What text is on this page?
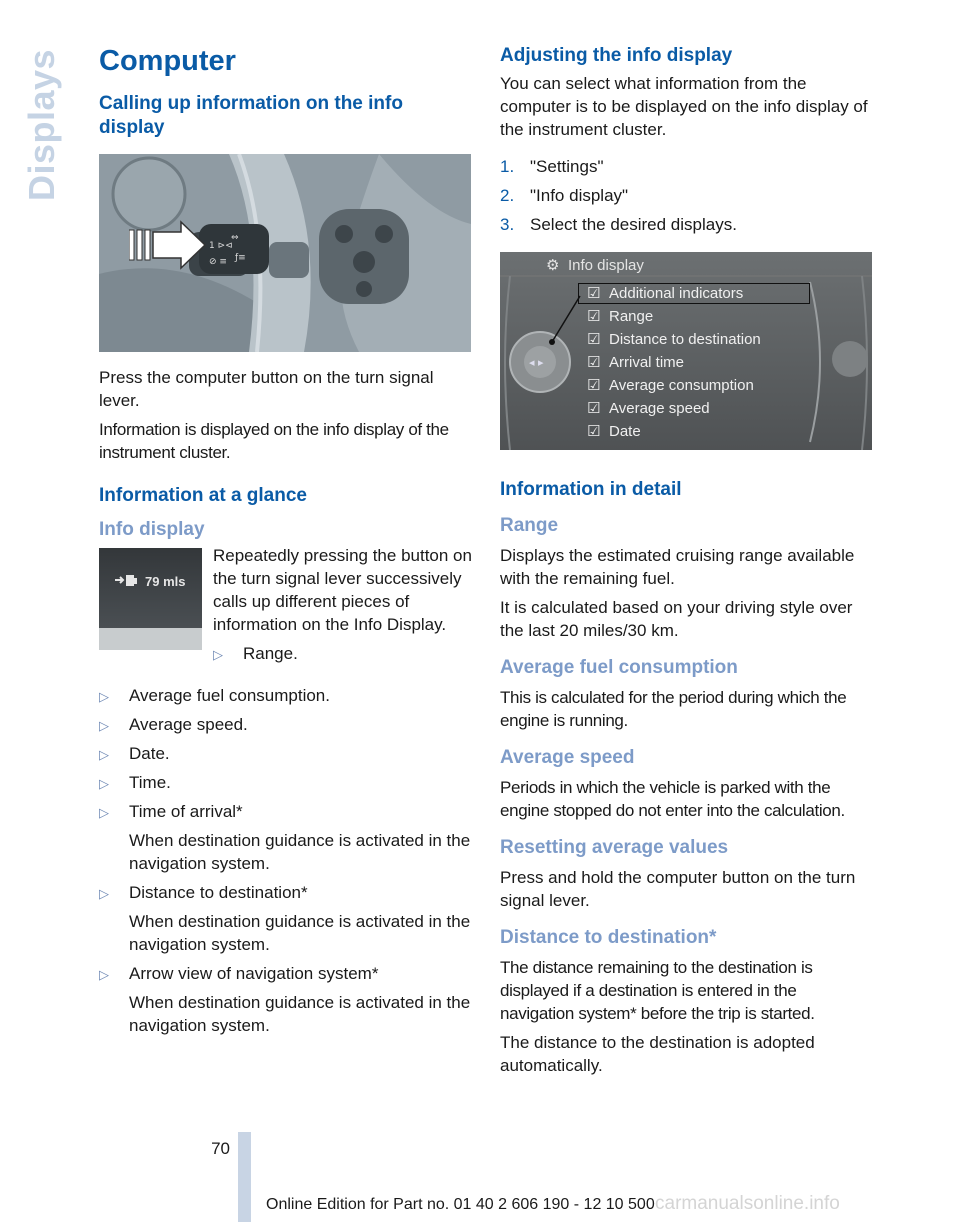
Displays Computer
Calling up information on the info display
1 ⊳⊲
⊘ ≡
⇔
ƒ≡

Press the computer button on the turn signal lever.

Information is displayed on the info display of the instrument cluster.

Information at a glance
Info display
79 mls

Repeatedly pressing the button on the turn signal lever successively calls up different pieces of information on the Info Display.

▷ Range.
▷ Average fuel consumption.
▷ Average speed.
▷ Date.
▷ Time.
▷ Time of arrival*
When destination guidance is activated in the navigation system.
▷ Distance to destination*
When destination guidance is activated in the navigation system.
▷ Arrow view of navigation system*
When destination guidance is activated in the navigation system.
Adjusting the info display

You can select what information from the computer is to be displayed on the info display of the instrument cluster.

1. "Settings"
2. "Info display"
3. Select the desired displays.
◂ ▸
⚙ Info display
☑ Additional indicators
☑ Range
☑ Distance to destination
☑ Arrival time
☑ Average consumption
☑ Average speed
☑ Date
Information in detail
Range

Displays the estimated cruising range available with the remaining fuel.

It is calculated based on your driving style over the last 20 miles/30 km.

Average fuel consumption

This is calculated for the period during which the engine is running.

Average speed

Periods in which the vehicle is parked with the engine stopped do not enter into the calculation.

Resetting average values

Press and hold the computer button on the turn signal lever.

Distance to destination*

The distance remaining to the destination is displayed if a destination is entered in the navigation system* before the trip is started.

The distance to the destination is adopted automatically.

70
Online Edition for Part no. 01 40 2 606 190 - 12 10 500 carmanualsonline.info
